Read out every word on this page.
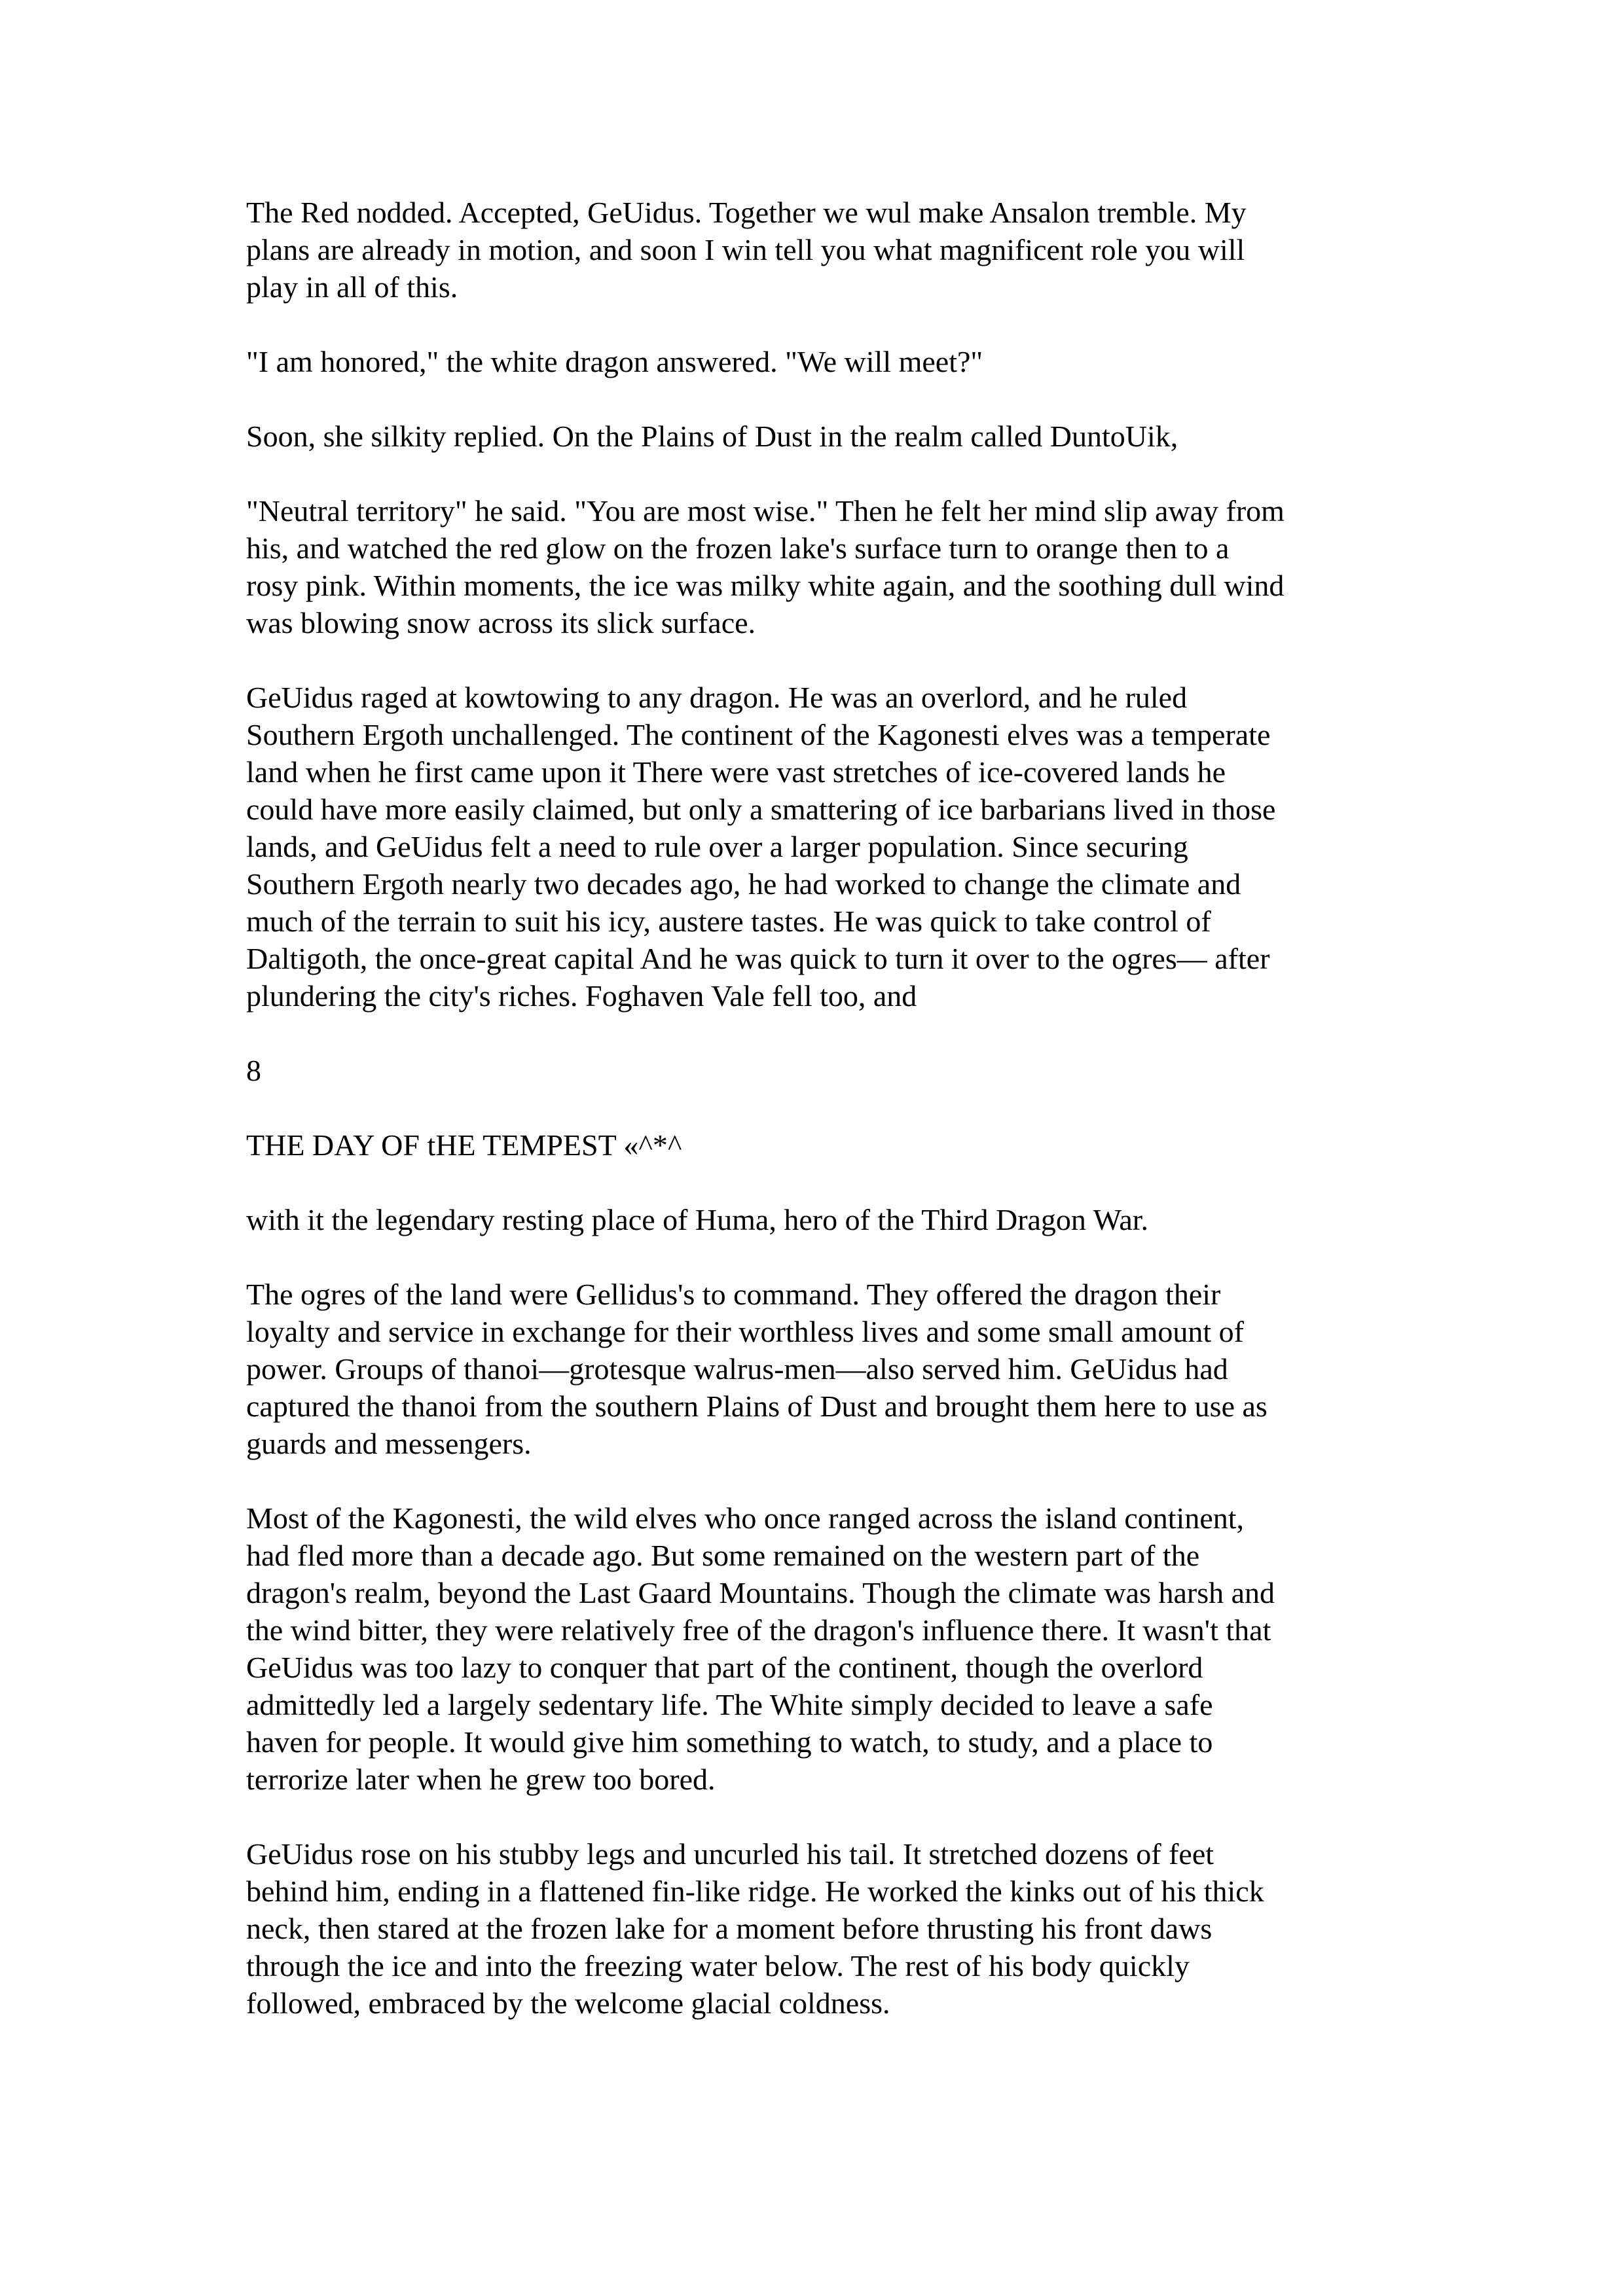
The Red nodded. Accepted, GeUidus. Together we wul make Ansalon tremble. My
plans are already in motion, and soon I win tell you what magnificent role you will
play in all of this.

"I am honored," the white dragon answered. "We will meet?"

Soon, she silkity replied. On the Plains of Dust in the realm called DuntoUik,

"Neutral territory" he said. "You are most wise." Then he felt her mind slip away from
his, and watched the red glow on the frozen lake's surface turn to orange then to a
rosy pink. Within moments, the ice was milky white again, and the soothing dull wind
was blowing snow across its slick surface.

GeUidus raged at kowtowing to any dragon. He was an overlord, and he ruled
Southern Ergoth unchallenged. The continent of the Kagonesti elves was a temperate
land when he first came upon it There were vast stretches of ice-covered lands he
could have more easily claimed, but only a smattering of ice barbarians lived in those
lands, and GeUidus felt a need to rule over a larger population. Since securing
Southern Ergoth nearly two decades ago, he had worked to change the climate and
much of the terrain to suit his icy, austere tastes. He was quick to take control of
Daltigoth, the once-great capital And he was quick to turn it over to the ogres— after
plundering the city's riches. Foghaven Vale fell too, and

8

THE DAY OF tHE TEMPEST «^*^

with it the legendary resting place of Huma, hero of the Third Dragon War.

The ogres of the land were Gellidus's to command. They offered the dragon their
loyalty and service in exchange for their worthless lives and some small amount of
power. Groups of thanoi—grotesque walrus-men—also served him. GeUidus had
captured the thanoi from the southern Plains of Dust and brought them here to use as
guards and messengers.

Most of the Kagonesti, the wild elves who once ranged across the island continent,
had fled more than a decade ago. But some remained on the western part of the
dragon's realm, beyond the Last Gaard Mountains. Though the climate was harsh and
the wind bitter, they were relatively free of the dragon's influence there. It wasn't that
GeUidus was too lazy to conquer that part of the continent, though the overlord
admittedly led a largely sedentary life. The White simply decided to leave a safe
haven for people. It would give him something to watch, to study, and a place to
terrorize later when he grew too bored.

GeUidus rose on his stubby legs and uncurled his tail. It stretched dozens of feet
behind him, ending in a flattened fin-like ridge. He worked the kinks out of his thick
neck, then stared at the frozen lake for a moment before thrusting his front daws
through the ice and into the freezing water below. The rest of his body quickly
followed, embraced by the welcome glacial coldness.
